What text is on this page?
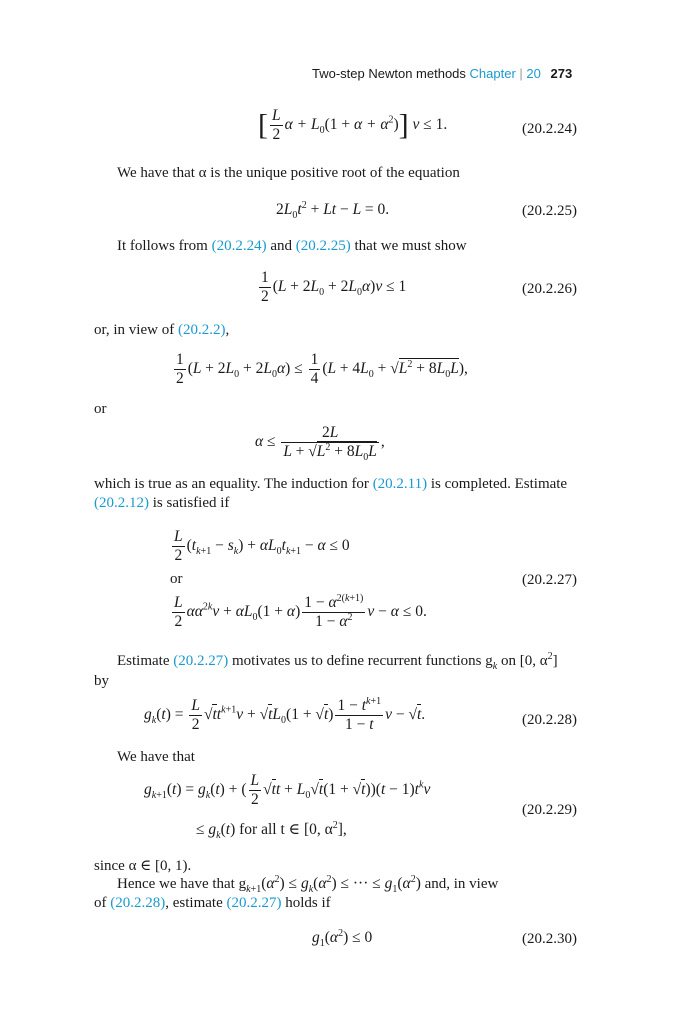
Two-step Newton methods Chapter | 20 273
[ $\frac{L}{2}$ $\alpha + L_0(1 + \alpha + \alpha^2)$] ν ≤ 1.	(20.2.24)
We have that α is the unique positive root of the equation
$2L_0t^2 + Lt - L = 0$.	(20.2.25)
It follows from (20.2.24) and (20.2.25) that we must show
$\frac{1}{2} (L + 2L_0 + 2L_0\alpha)\nu \le 1$	(20.2.26)
or, in view of (20.2.2),
$\frac{1}{2} (L + 2L_0 + 2L_0\alpha) \le \frac{1}{4} (L + 4L_0 + √L^2 + 8L_0L)$,
or
$\alpha \le \frac{2L}{L + √L^2 + 8L_0L}$ ,
which is true as an equality. The induction for (20.2.11) is completed. Estimate
(20.2.12) is satisfied if
$\frac{L}{2} (t_{k+1} - s_k) + \alpha L_0t_{k+1} - \alpha \le 0$
or	(20.2.27)
$\frac{L}{2} \alpha\alpha^{2k}\nu + \alpha L_0(1 + \alpha) \frac{1 - \alpha^{2(k+1)}}{1 - \alpha^2}$ ν − α ≤ 0.
Estimate (20.2.27) motivates us to define recurrent functions $g_k$ on [0, $\alpha^2$]
by
$g_k(t) = \frac{L}{2} √tt^{k+1}\nu + √tL_0(1 + √t) \frac{1 - t^{k+1}}{1 - t}$ ν − √t.	(20.2.28)
We have that
$g_{k+1}(t) = g_k(t)$ + ( $\frac{L}{2} √tt + L_0√t(1 + √t))(t - 1)t^k\nu$
≤ $g_k(t)$ for all t ∈ [0, $\alpha^2$],
(20.2.29)
since α ∈ [0, 1).
Hence we have that $g_{k+1}(\alpha^2) \le g_k(\alpha^2)$ ≤ ··· ≤ $g_1(\alpha^2)$ and, in view
of (20.2.28), estimate (20.2.27) holds if
$g_1(\alpha^2) \le 0$	(20.2.30)
